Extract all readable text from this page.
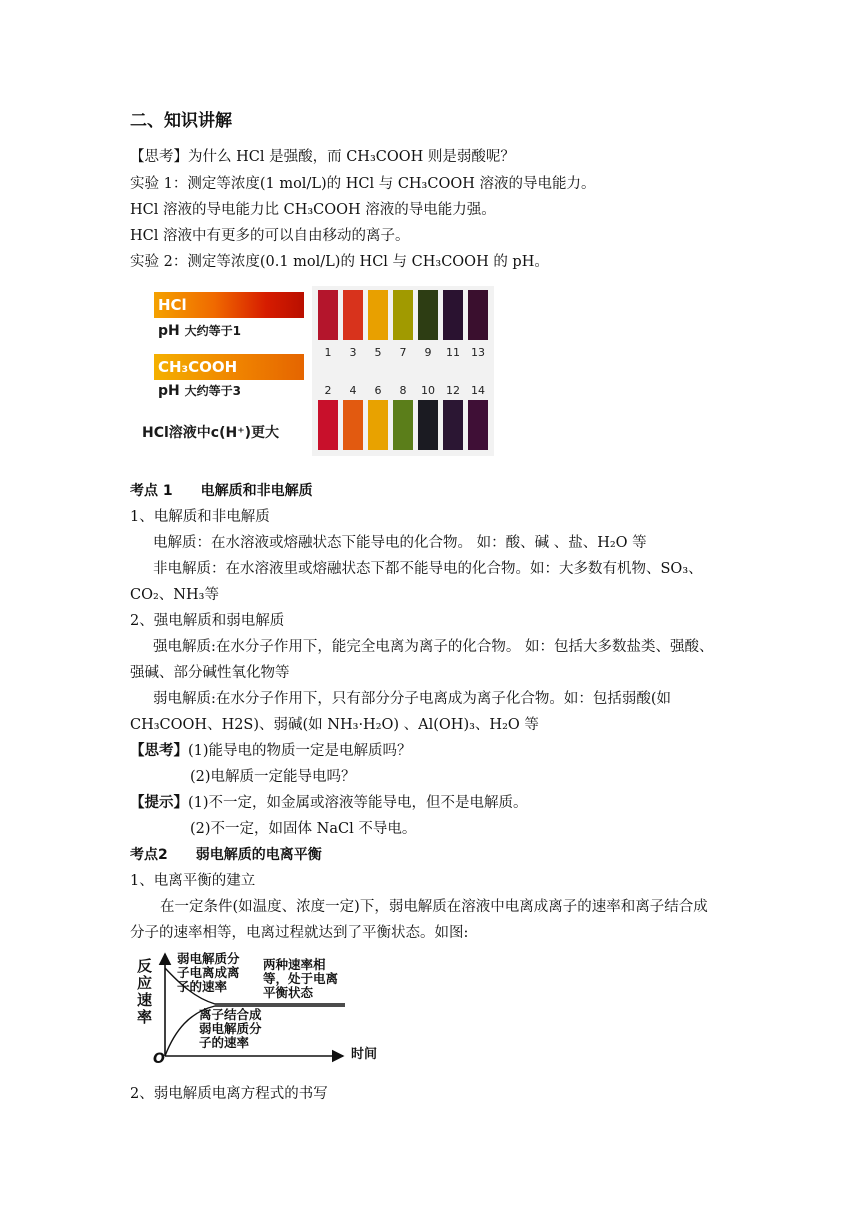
二、知识讲解
【思考】为什么 HCl 是强酸，而 CH₃COOH 则是弱酸呢？
实验 1：测定等浓度(1 mol/L)的 HCl 与 CH₃COOH 溶液的导电能力。
HCl 溶液的导电能力比 CH₃COOH 溶液的导电能力强。
HCl 溶液中有更多的可以自由移动的离子。
实验 2：测定等浓度(0.1 mol/L)的 HCl 与 CH₃COOH 的 pH。
HCl
pH 大约等于1
CH₃COOH
pH 大约等于3
HCl溶液中c(H⁺)更大
1	3	5	7	9	11	13
2	4	6	8	10	12	14
考点 1 电解质和非电解质
1、电解质和非电解质
电解质：在水溶液或熔融状态下能导电的化合物。 如：酸、碱 、盐、H₂O 等
非电解质：在水溶液里或熔融状态下都不能导电的化合物。如：大多数有机物、SO₃、
CO₂、NH₃等
2、强电解质和弱电解质
强电解质:在水分子作用下，能完全电离为离子的化合物。 如：包括大多数盐类、强酸、
强碱、部分碱性氧化物等
弱电解质:在水分子作用下，只有部分分子电离成为离子化合物。如：包括弱酸(如
CH₃COOH、H2S)、弱碱(如 NH₃·H₂O) 、Al(OH)₃、H₂O 等
【思考】(1)能导电的物质一定是电解质吗？
(2)电解质一定能导电吗？
【提示】(1)不一定，如金属或溶液等能导电，但不是电解质。
(2)不一定，如固体 NaCl 不导电。
考点2 弱电解质的电离平衡
1、电离平衡的建立
在一定条件(如温度、浓度一定)下，弱电解质在溶液中电离成离子的速率和离子结合成
分子的速率相等，电离过程就达到了平衡状态。如图:
反应速率
时间
O
弱电解质分子电离成离子的速率
两种速率相等，处于电离平衡状态
离子结合成弱电解质分子的速率
2、弱电解质电离方程式的书写
